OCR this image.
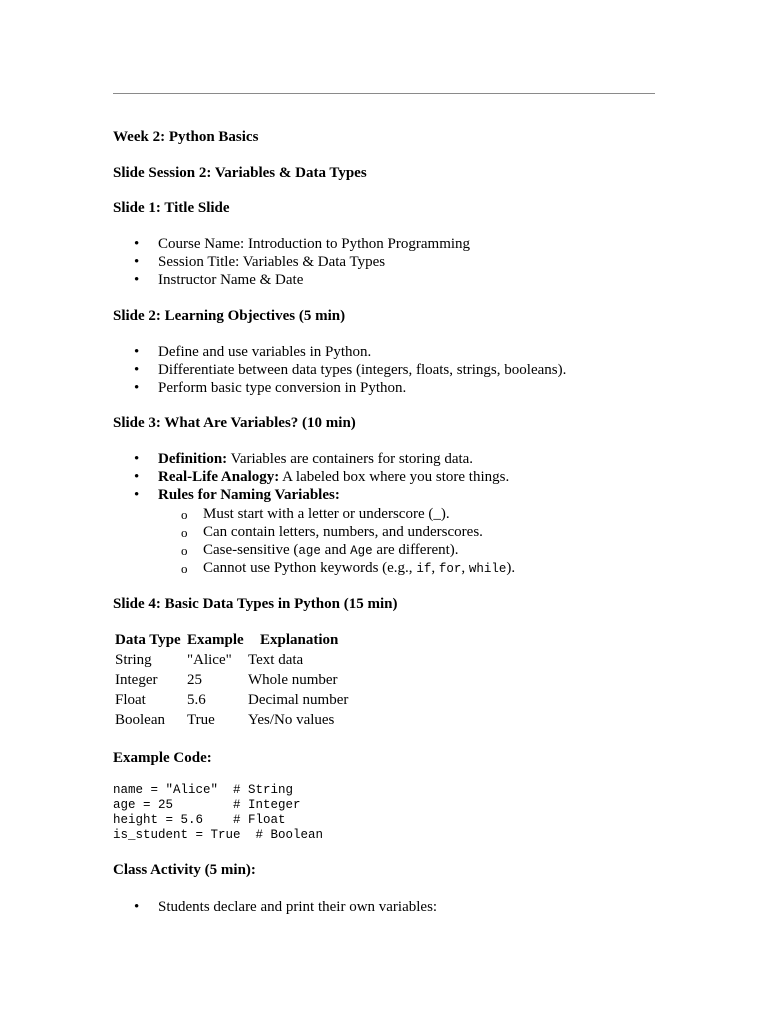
Week 2: Python Basics
Slide Session 2: Variables & Data Types
Slide 1: Title Slide
• Course Name: Introduction to Python Programming
• Session Title: Variables & Data Types
• Instructor Name & Date
Slide 2: Learning Objectives (5 min)
• Define and use variables in Python.
• Differentiate between data types (integers, floats, strings, booleans).
• Perform basic type conversion in Python.
Slide 3: What Are Variables? (10 min)
• Definition: Variables are containers for storing data.
• Real-Life Analogy: A labeled box where you store things.
• Rules for Naming Variables:
o Must start with a letter or underscore (_).
o Can contain letters, numbers, and underscores.
o Case-sensitive (age and Age are different).
o Cannot use Python keywords (e.g., if, for, while).
Slide 4: Basic Data Types in Python (15 min)
Data Type	Example	Explanation
String	"Alice"	Text data
Integer	25	Whole number
Float	5.6	Decimal number
Boolean	True	Yes/No values
Example Code:
name = "Alice"  # String
age = 25        # Integer
height = 5.6    # Float
is_student = True  # Boolean
Class Activity (5 min):
• Students declare and print their own variables:
